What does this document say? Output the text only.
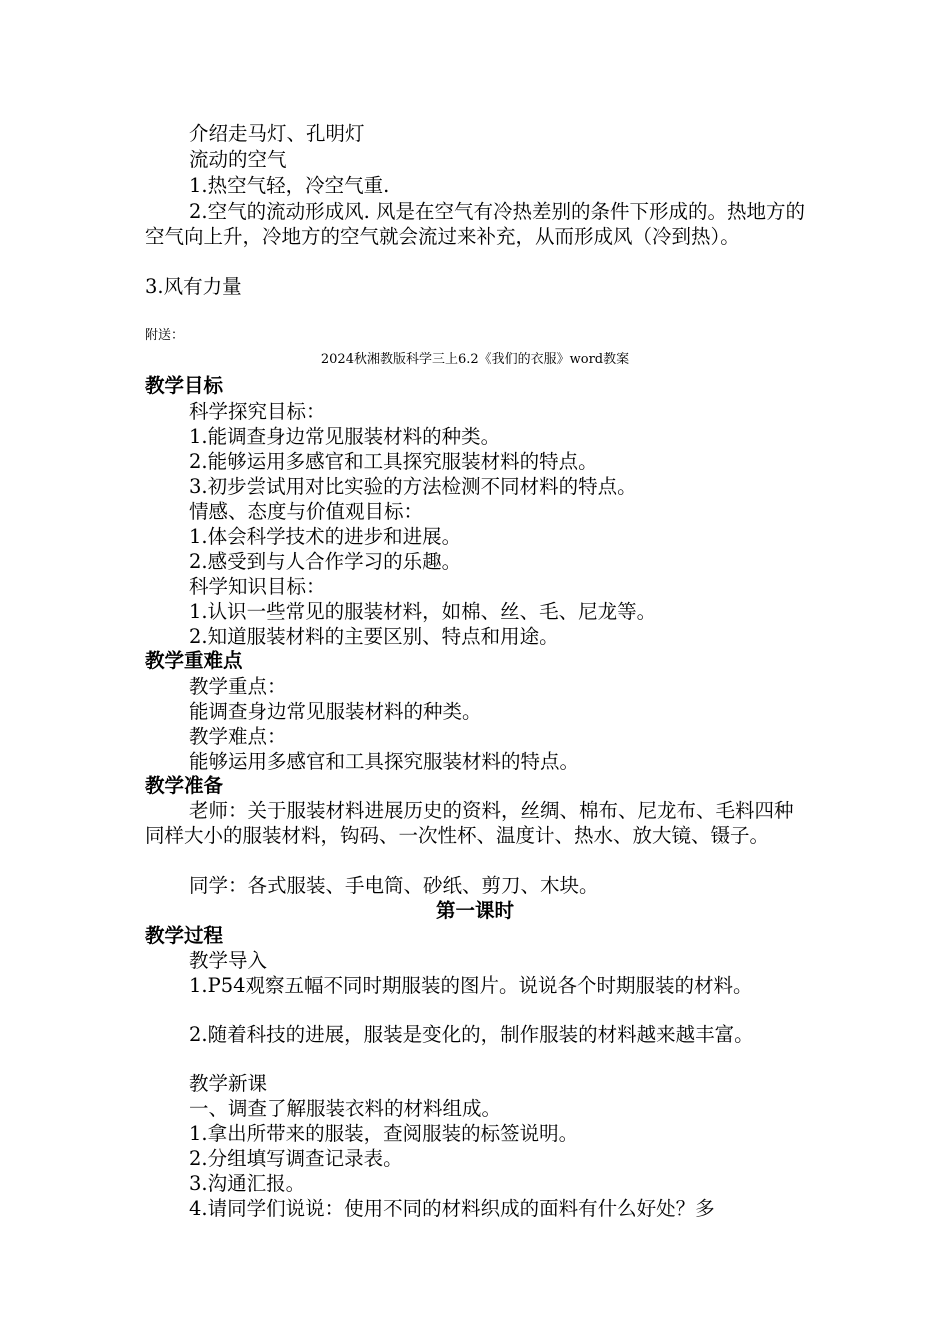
介绍走马灯、孔明灯

流动的空气

1.热空气轻，冷空气重.

2.空气的流动形成风. 风是在空气有冷热差别的条件下形成的。热地方的空气向上升，冷地方的空气就会流过来补充，从而形成风（冷到热）。

3.风有力量

附送：

2024秋湘教版科学三上6.2《我们的衣服》word教案

教学目标

科学探究目标：

1.能调查身边常见服装材料的种类。

2.能够运用多感官和工具探究服装材料的特点。

3.初步尝试用对比实验的方法检测不同材料的特点。

情感、态度与价值观目标：

1.体会科学技术的进步和进展。

2.感受到与人合作学习的乐趣。

科学知识目标：

1.认识一些常见的服装材料，如棉、丝、毛、尼龙等。

2.知道服装材料的主要区别、特点和用途。

教学重难点

教学重点：

能调查身边常见服装材料的种类。

教学难点：

能够运用多感官和工具探究服装材料的特点。

教学准备

老师：关于服装材料进展历史的资料，丝绸、棉布、尼龙布、毛料四种同样大小的服装材料，钩码、一次性杯、温度计、热水、放大镜、镊子。

同学：各式服装、手电筒、砂纸、剪刀、木块。

第一课时

教学过程

教学导入

1.P54观察五幅不同时期服装的图片。说说各个时期服装的材料。

2.随着科技的进展，服装是变化的，制作服装的材料越来越丰富。

教学新课

一、调查了解服装衣料的材料组成。

1.拿出所带来的服装，查阅服装的标签说明。

2.分组填写调查记录表。

3.沟通汇报。

4.请同学们说说：使用不同的材料织成的面料有什么好处？多
